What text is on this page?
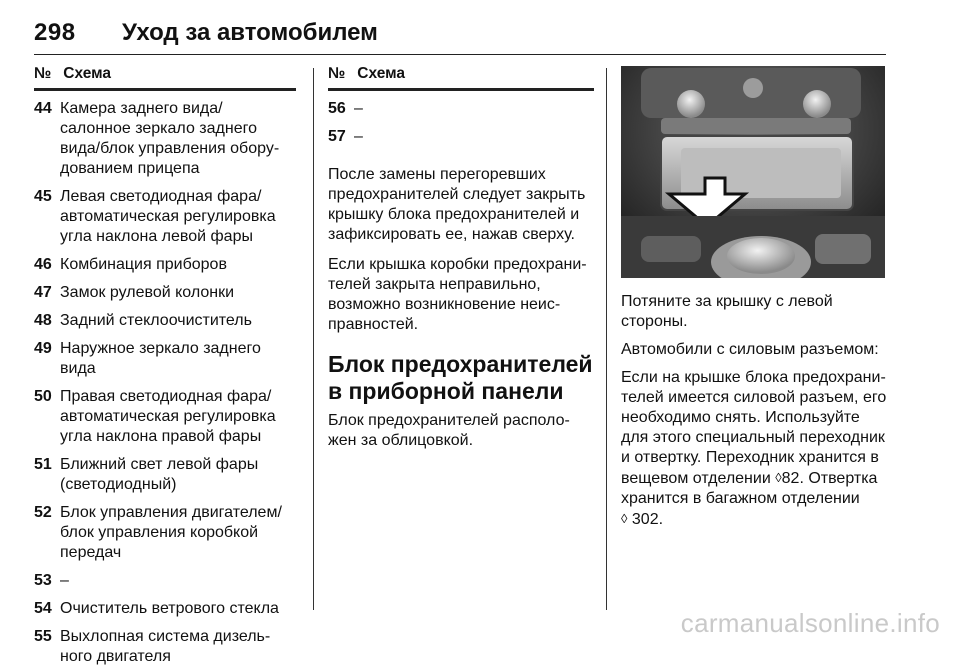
298 Уход за автомобилем
№ Схема
44 Камера заднего вида/ салонное зеркало заднего вида/блок управления обору-дованием прицепа
45 Левая светодиодная фара/ автоматическая регулировка угла наклона левой фары
46 Комбинация приборов
47 Замок рулевой колонки
48 Задний стеклоочиститель
49 Наружное зеркало заднего вида
50 Правая светодиодная фара/ автоматическая регулировка угла наклона правой фары
51 Ближний свет левой фары (светодиодный)
52 Блок управления двигателем/ блок управления коробкой передач
53 –
54 Очиститель ветрового стекла
55 Выхлопная система дизель-ного двигателя
№ Схема
56 –
57 –

После замены перегоревших предохранителей следует закрыть крышку блока предохранителей и зафиксировать ее, нажав сверху.

Если крышка коробки предохрани-телей закрыта неправильно, возможно возникновение неис-правностей.

Блок предохранителей в приборной панели

Блок предохранителей располо-жен за облицовкой.

Потяните за крышку с левой стороны.

Автомобили с силовым разъемом:

Если на крышке блока предохрани-телей имеется силовой разъем, его необходимо снять. Используйте для этого специальный переходник и отвертку. Переходник хранится в вещевом отделении ◊82. Отвертка хранится в багажном отделении
◊ 302.

carmanualsonline.info
